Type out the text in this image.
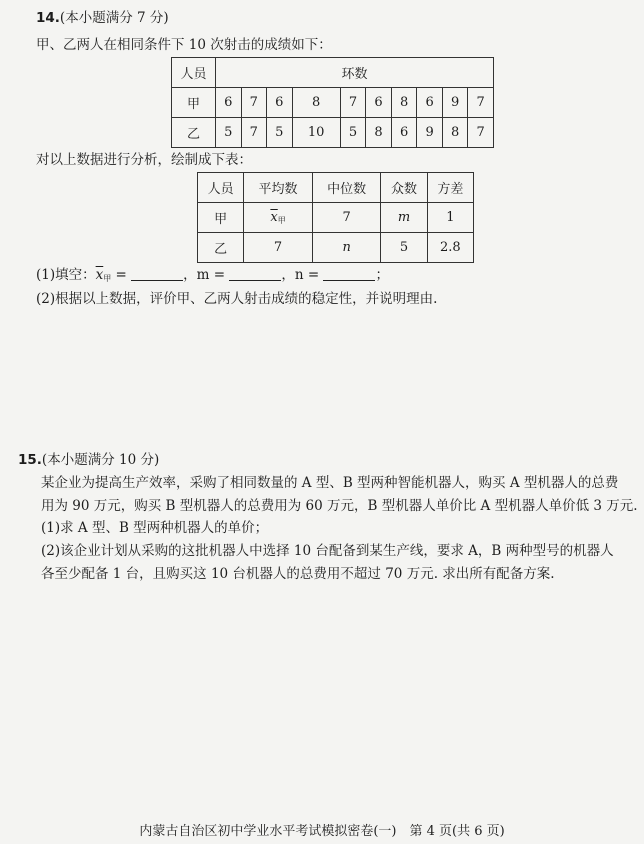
14.(本小题满分 7 分)
甲、乙两人在相同条件下 10 次射击的成绩如下：
人员	环数									
甲	6	7	6	8	7	6	8	6	9	7
乙	5	7	5	10	5	8	6	9	8	7
对以上数据进行分析，绘制成下表：
人员	平均数	中位数	众数	方差
甲	$\overline{x}_甲$	7	m	1
乙	7	n	5	2.8
(1)填空：$\overline{x}_甲$ =	，m =	，n =	；
(2)根据以上数据，评价甲、乙两人射击成绩的稳定性，并说明理由.
15.(本小题满分 10 分)
某企业为提高生产效率，采购了相同数量的 A 型、B 型两种智能机器人，购买 A 型机器人的总费
用为 90 万元，购买 B 型机器人的总费用为 60 万元，B 型机器人单价比 A 型机器人单价低 3 万元.
(1)求 A 型、B 型两种机器人的单价；
(2)该企业计划从采购的这批机器人中选择 10 台配备到某生产线，要求 A，B 两种型号的机器人
各至少配备 1 台，且购买这 10 台机器人的总费用不超过 70 万元. 求出所有配备方案.
内蒙古自治区初中学业水平考试模拟密卷(一)　第 4 页(共 6 页)
